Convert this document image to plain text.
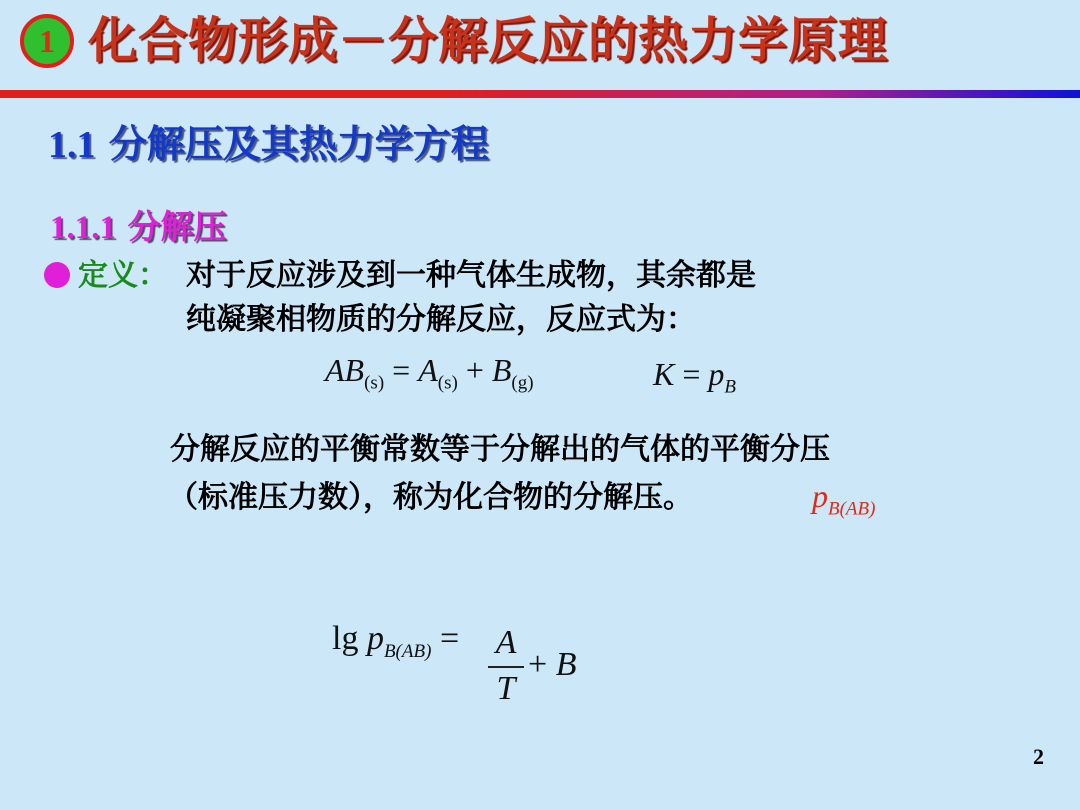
1 化合物形成－分解反应的热力学原理
1.1 分解压及其热力学方程
1.1.1 分解压
定义： 对于反应涉及到一种气体生成物，其余都是
纯凝聚相物质的分解反应，反应式为：
$AB_{(s)} = A_{(s)} + B_{(g)}$	$K = p_B$
分解反应的平衡常数等于分解出的气体的平衡分压
（标准压力数），称为化合物的分解压。	$p_{B(AB)}$
$\lg p_{B(AB)} = A$
T
+ B
2
